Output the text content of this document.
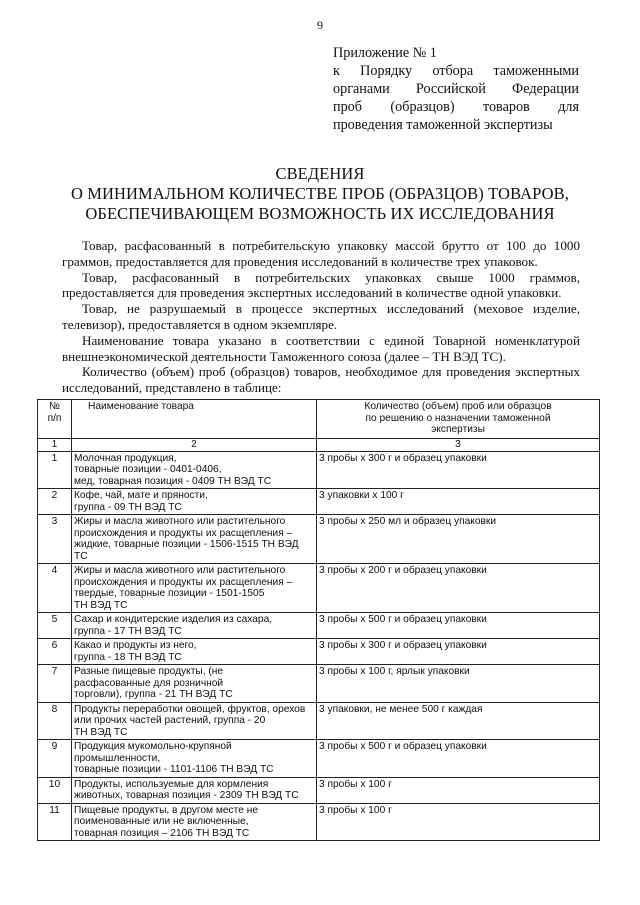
9
Приложение № 1
к Порядку отбора таможенными
органами Российской Федерации
проб (образцов) товаров для
проведения таможенной экспертизы
СВЕДЕНИЯ
О МИНИМАЛЬНОМ КОЛИЧЕСТВЕ ПРОБ (ОБРАЗЦОВ) ТОВАРОВ,
ОБЕСПЕЧИВАЮЩЕМ ВОЗМОЖНОСТЬ ИХ ИССЛЕДОВАНИЯ

Товар, расфасованный в потребительскую упаковку массой брутто от 100 до 1000 граммов, предоставляется для проведения исследований в количестве трех упаковок.

Товар, расфасованный в потребительских упаковках свыше 1000 граммов, предоставляется для проведения экспертных исследований в количестве одной упаковки.

Товар, не разрушаемый в процессе экспертных исследований (меховое изделие, телевизор), предоставляется в одном экземпляре.

Наименование товара указано в соответствии с единой Товарной номенклатурой внешнеэкономической деятельности Таможенного союза (далее – ТН ВЭД ТС).

Количество (объем) проб (образцов) товаров, необходимое для проведения экспертных исследований, представлено в таблице:

№
п/п	Наименование товара	Количество (объем) проб или образцов
по решению о назначении таможенной
экспертизы
1	2	3
1	Молочная продукция,
товарные позиции - 0401-0406,
мед, товарная позиция - 0409 ТН ВЭД ТС	3 пробы х 300 г и образец упаковки
2	Кофе, чай, мате и пряности,
группа - 09 ТН ВЭД ТС	3 упаковки х 100 г
3	Жиры и масла животного или растительного
происхождения и продукты их расщепления –
жидкие, товарные позиции - 1506-1515 ТН ВЭД
ТС	3 пробы х 250 мл и образец упаковки
4	Жиры и масла животного или растительного
происхождения и продукты их расщепления –
твердые, товарные позиции - 1501-1505
ТН ВЭД ТС	3 пробы х 200 г и образец упаковки
5	Сахар и кондитерские изделия из сахара,
группа - 17 ТН ВЭД ТС	3 пробы х 500 г и образец упаковки
6	Какао и продукты из него,
группа - 18 ТН ВЭД ТС	3 пробы х 300 г и образец упаковки
7	Разные пищевые продукты, (не
расфасованные для розничной
торговли), группа - 21 ТН ВЭД ТС	3 пробы х 100 г, ярлык упаковки
8	Продукты переработки овощей, фруктов, орехов
или прочих частей растений, группа - 20
ТН ВЭД ТС	3 упаковки, не менее 500 г каждая
9	Продукция мукомольно-крупяной
промышленности,
товарные позиции - 1101-1106 ТН ВЭД ТС	3 пробы х 500 г и образец упаковки
10	Продукты, используемые для кормления
животных, товарная позиция - 2309 ТН ВЭД ТС	3 пробы х 100 г
11	Пищевые продукты, в другом месте не
поименованные или не включенные,
товарная позиция – 2106 ТН ВЭД ТС	3 пробы х 100 г
